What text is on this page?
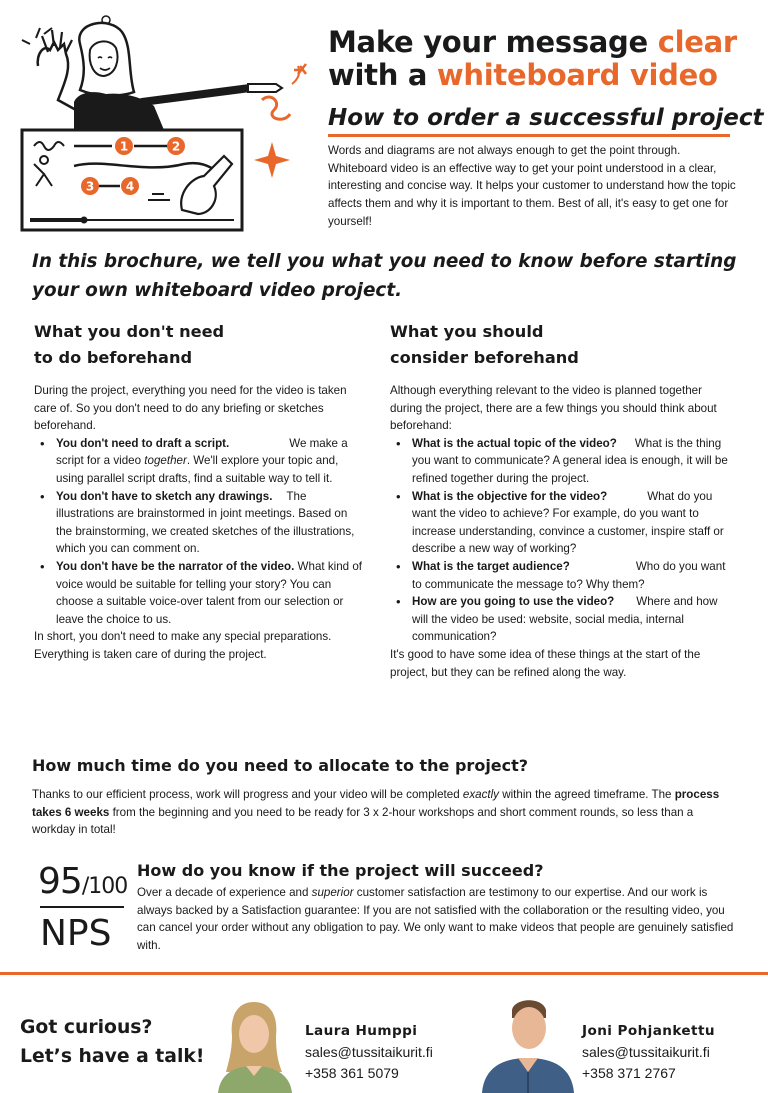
1	2
3	4
Make your message clear
with a whiteboard video
How to order a successful project

Words and diagrams are not always enough to get the point through. Whiteboard video is an effective way to get your point understood in a clear, interesting and concise way. It helps your customer to understand how the topic affects them and why it is important to them. Best of all, it's easy to get one for yourself!

In this brochure, we tell you what you need to know before starting your own whiteboard video project.

What you don't need
to do beforehand

During the project, everything you need for the video is taken care of. So you don't need to do any briefing or sketches beforehand.

• You don't need to draft a script.	We make a script for a video together. We'll explore your topic and, using parallel script drafts, find a suitable way to tell it.
• You don't have to sketch any drawings. The illustrations are brainstormed in joint meetings. Based on the brainstorming, we created sketches of the illustrations, which you can comment on.
• You don't have be the narrator of the video. What kind of voice would be suitable for telling your story? You can choose a suitable voice-over talent from our selection or leave the choice to us.

In short, you don't need to make any special preparations. Everything is taken care of during the project.

What you should
consider beforehand

Although everything relevant to the video is planned together during the project, there are a few things you should think about beforehand:

• What is the actual topic of the video? What is the thing you want to communicate? A general idea is enough, it will be refined together during the project.
• What is the objective for the video?	What do you want the video to achieve? For example, do you want to increase understanding, convince a customer, inspire staff or describe a new way of working?
• What is the target audience?	Who do you want to communicate the message to? Why them?
• How are you going to use the video? Where and how will the video be used: website, social media, internal communication?

It's good to have some idea of these things at the start of the project, but they can be refined along the way.

How much time do you need to allocate to the project?

Thanks to our efficient process, work will progress and your video will be completed exactly within the agreed timeframe. The process takes 6 weeks from the beginning and you need to be ready for 3 x 2-hour workshops and short comment rounds, so less than a workday in total!

95/100
NPS
How do you know if the project will succeed?

Over a decade of experience and superior customer satisfaction are testimony to our expertise. And our work is always backed by a Satisfaction guarantee: If you are not satisfied with the collaboration or the resulting video, you can cancel your order without any obligation to pay. We only want to make videos that people are genuinely satisfied with.

Got curious?
Let’s have a talk!
Laura Humppi
sales@tussitaikurit.fi
+358 361 5079
Joni Pohjankettu
sales@tussitaikurit.fi
+358 371 2767
